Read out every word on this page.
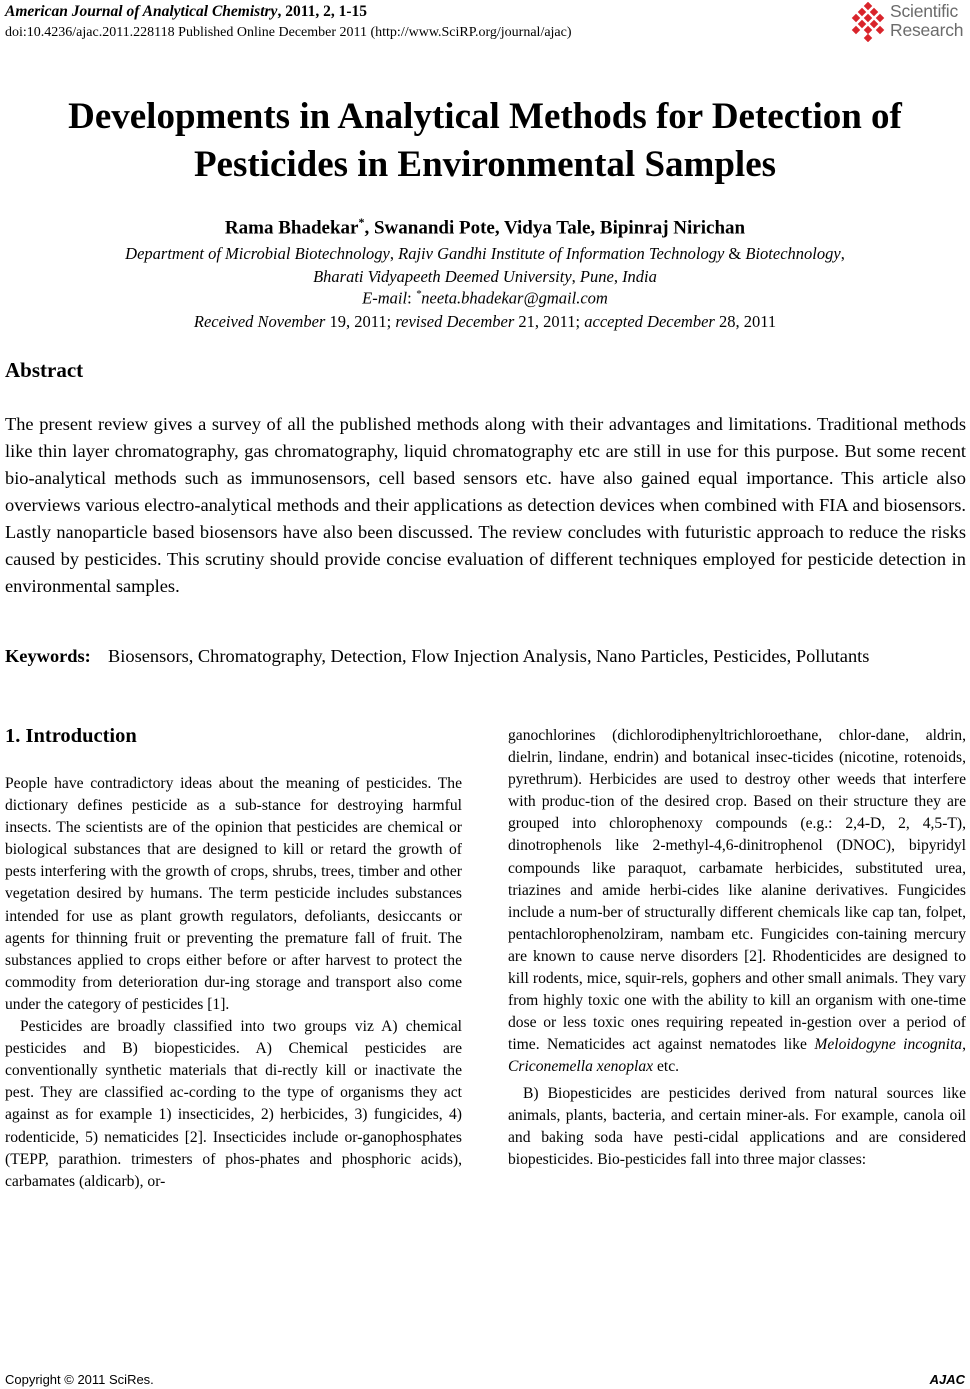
American Journal of Analytical Chemistry, 2011, 2, 1-15
doi:10.4236/ajac.2011.228118 Published Online December 2011 (http://www.SciRP.org/journal/ajac)
Scientific
Research
Developments in Analytical Methods for Detection of
Pesticides in Environmental Samples
Rama Bhadekar*, Swanandi Pote, Vidya Tale, Bipinraj Nirichan
Department of Microbial Biotechnology, Rajiv Gandhi Institute of Information Technology & Biotechnology,
Bharati Vidyapeeth Deemed University, Pune, India
E-mail: *neeta.bhadekar@gmail.com
Received November 19, 2011; revised December 21, 2011; accepted December 28, 2011
Abstract
The present review gives a survey of all the published methods along with their advantages and limitations. Traditional methods like thin layer chromatography, gas chromatography, liquid chromatography etc are still in use for this purpose. But some recent bio-analytical methods such as immunosensors, cell based sensors etc. have also gained equal importance. This article also overviews various electro-analytical methods and their applications as detection devices when combined with FIA and biosensors. Lastly nanoparticle based biosensors have also been discussed. The review concludes with futuristic approach to reduce the risks caused by pesticides. This scrutiny should provide concise evaluation of different techniques employed for pesticide detection in environmental samples.
Keywords: Biosensors, Chromatography, Detection, Flow Injection Analysis, Nano Particles, Pesticides, Pollutants
1. Introduction

People have contradictory ideas about the meaning of pesticides. The dictionary defines pesticide as a sub-stance for destroying harmful insects. The scientists are of the opinion that pesticides are chemical or biological substances that are designed to kill or retard the growth of pests interfering with the growth of crops, shrubs, trees, timber and other vegetation desired by humans. The term pesticide includes substances intended for use as plant growth regulators, defoliants, desiccants or agents for thinning fruit or preventing the premature fall of fruit. The substances applied to crops either before or after harvest to protect the commodity from deterioration dur-ing storage and transport also come under the category of pesticides [1].

Pesticides are broadly classified into two groups viz A) chemical pesticides and B) biopesticides. A) Chemical pesticides are conventionally synthetic materials that di-rectly kill or inactivate the pest. They are classified ac-cording to the type of organisms they act against as for example 1) insecticides, 2) herbicides, 3) fungicides, 4) rodenticide, 5) nematicides [2]. Insecticides include or-ganophosphates (TEPP, parathion. trimesters of phos-phates and phosphoric acids), carbamates (aldicarb), or-

ganochlorines (dichlorodiphenyltrichloroethane, chlor-dane, aldrin, dielrin, lindane, endrin) and botanical insec-ticides (nicotine, rotenoids, pyrethrum). Herbicides are used to destroy other weeds that interfere with produc-tion of the desired crop. Based on their structure they are grouped into chlorophenoxy compounds (e.g.: 2,4-D, 2, 4,5-T), dinotrophenols like 2-methyl-4,6-dinitrophenol (DNOC), bipyridyl compounds like paraquot, carbamate herbicides, substituted urea, triazines and amide herbi-cides like alanine derivatives. Fungicides include a num-ber of structurally different chemicals like cap tan, folpet, pentachlorophenolziram, nambam etc. Fungicides con-taining mercury are known to cause nerve disorders [2]. Rhodenticides are designed to kill rodents, mice, squir-rels, gophers and other small animals. They vary from highly toxic one with the ability to kill an organism with one-time dose or less toxic ones requiring repeated in-gestion over a period of time. Nematicides act against nematodes like Meloidogyne incognita, Criconemella xenoplax etc.

B) Biopesticides are pesticides derived from natural sources like animals, plants, bacteria, and certain miner-als. For example, canola oil and baking soda have pesti-cidal applications and are considered biopesticides. Bio-pesticides fall into three major classes:

Copyright © 2011 SciRes.	AJAC
